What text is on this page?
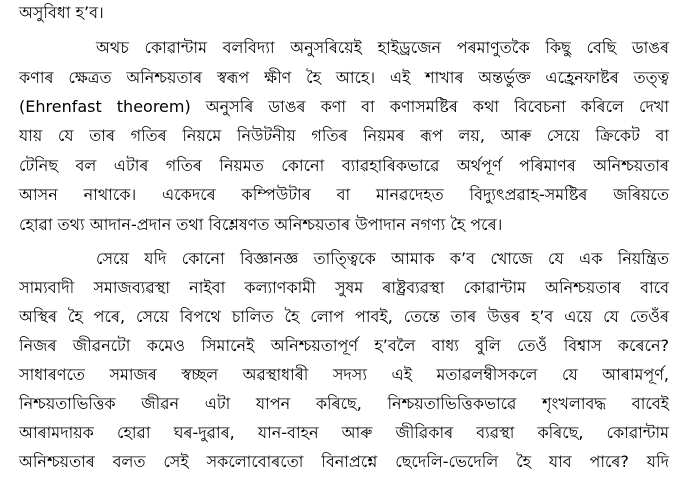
অসুবিধা হ’ব।
অথচ কোৱান্টাম বলবিদ্যা অনুসৰিয়েই হাইড্ৰজেন পৰমাণুতকৈ কিছু বেছি ডাঙৰ
কণাৰ ক্ষেত্ৰত অনিশ্চয়তাৰ স্বৰূপ ক্ষীণ হৈ আহে। এই শাখাৰ অন্তৰ্ভুক্ত এহ্ৰেনফাষ্টৰ তত্ত্ব
(Ehrenfast theorem) অনুসৰি ডাঙৰ কণা বা কণাসমষ্টিৰ কথা বিবেচনা কৰিলে দেখা
যায় যে তাৰ গতিৰ নিয়মে নিউটনীয় গতিৰ নিয়মৰ ৰূপ লয়, আৰু সেয়ে ক্ৰিকেট বা
টেনিছ বল এটাৰ গতিৰ নিয়মত কোনো ব্যাৱহাৰিকভাৱে অৰ্থপূৰ্ণ পৰিমাণৰ অনিশ্চয়তাৰ
আসন নাথাকে। একেদৰে কম্পিউটাৰ বা মানৱদেহত বিদ্যুৎপ্ৰৱাহ-সমষ্টিৰ জৰিয়তে
হোৱা তথ্য আদান-প্ৰদান তথা বিশ্লেষণত অনিশ্চয়তাৰ উপাদান নগণ্য হৈ পৰে।
সেয়ে যদি কোনো বিজ্ঞানজ্ঞ তাত্ত্বিকে আমাক ক’ব খোজে যে এক নিয়ন্ত্ৰিত
সাম্যবাদী সমাজব্যৱস্থা নাইবা কল্যাণকামী সুষম ৰাষ্ট্ৰব্যৱস্থা কোৱান্টাম অনিশ্চয়তাৰ বাবে
অস্থিৰ হৈ পৰে, সেয়ে বিপথে চালিত হৈ লোপ পাবই, তেন্তে তাৰ উত্তৰ হ’ব এয়ে যে তেওঁৰ
নিজৰ জীৱনটো কমেও সিমানেই অনিশ্চয়তাপূৰ্ণ হ’বলৈ বাধ্য বুলি তেওঁ বিশ্বাস কৰেনে?
সাধাৰণতে সমাজৰ স্বচ্ছল অৱস্থাধাৰী সদস্য এই মতাৱলম্বীসকলে যে আৰামপূৰ্ণ,
নিশ্চয়তাভিত্তিক জীৱন এটা যাপন কৰিছে, নিশ্চয়তাভিত্তিকভাৱে শৃংখলাবদ্ধ বাবেই
আৰামদায়ক হোৱা ঘৰ-দুৱাৰ, যান-বাহন আৰু জীৱিকাৰ ব্যৱস্থা কৰিছে, কোৱান্টাম
অনিশ্চয়তাৰ বলত সেই সকলোবোৰতো বিনাপ্ৰশ্নে ছেদেলি-ভেদেলি হৈ যাব পাৰে? যদি
